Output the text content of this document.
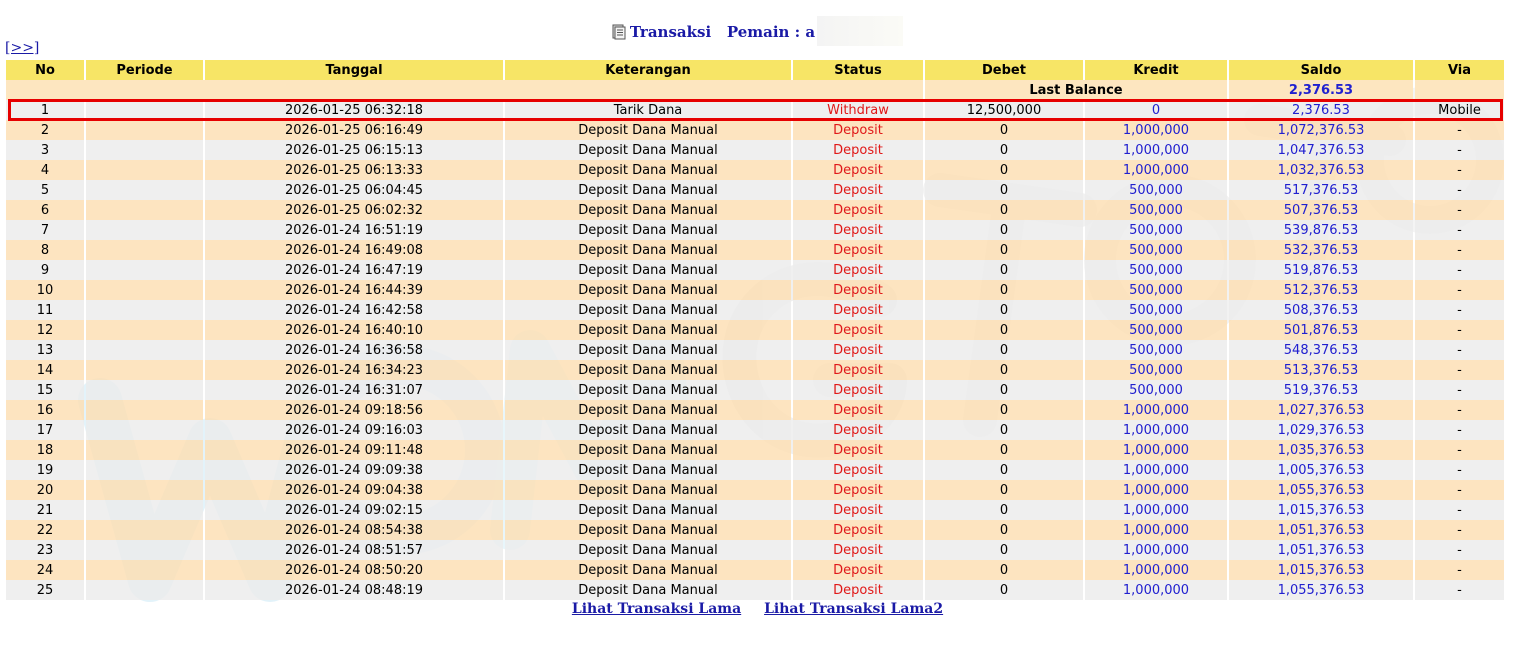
Transaksi Pemain : a
[>>]
No	Periode	Tanggal	Keterangan	Status	Debet	Kredit	Saldo	Via
					Last Balance		2,376.53	
1		2026-01-25 06:32:18	Tarik Dana	Withdraw	12,500,000	0	2,376.53	Mobile
2		2026-01-25 06:16:49	Deposit Dana Manual	Deposit	0	1,000,000	1,072,376.53	-
3		2026-01-25 06:15:13	Deposit Dana Manual	Deposit	0	1,000,000	1,047,376.53	-
4		2026-01-25 06:13:33	Deposit Dana Manual	Deposit	0	1,000,000	1,032,376.53	-
5		2026-01-25 06:04:45	Deposit Dana Manual	Deposit	0	500,000	517,376.53	-
6		2026-01-25 06:02:32	Deposit Dana Manual	Deposit	0	500,000	507,376.53	-
7		2026-01-24 16:51:19	Deposit Dana Manual	Deposit	0	500,000	539,876.53	-
8		2026-01-24 16:49:08	Deposit Dana Manual	Deposit	0	500,000	532,376.53	-
9		2026-01-24 16:47:19	Deposit Dana Manual	Deposit	0	500,000	519,876.53	-
10		2026-01-24 16:44:39	Deposit Dana Manual	Deposit	0	500,000	512,376.53	-
11		2026-01-24 16:42:58	Deposit Dana Manual	Deposit	0	500,000	508,376.53	-
12		2026-01-24 16:40:10	Deposit Dana Manual	Deposit	0	500,000	501,876.53	-
13		2026-01-24 16:36:58	Deposit Dana Manual	Deposit	0	500,000	548,376.53	-
14		2026-01-24 16:34:23	Deposit Dana Manual	Deposit	0	500,000	513,376.53	-
15		2026-01-24 16:31:07	Deposit Dana Manual	Deposit	0	500,000	519,376.53	-
16		2026-01-24 09:18:56	Deposit Dana Manual	Deposit	0	1,000,000	1,027,376.53	-
17		2026-01-24 09:16:03	Deposit Dana Manual	Deposit	0	1,000,000	1,029,376.53	-
18		2026-01-24 09:11:48	Deposit Dana Manual	Deposit	0	1,000,000	1,035,376.53	-
19		2026-01-24 09:09:38	Deposit Dana Manual	Deposit	0	1,000,000	1,005,376.53	-
20		2026-01-24 09:04:38	Deposit Dana Manual	Deposit	0	1,000,000	1,055,376.53	-
21		2026-01-24 09:02:15	Deposit Dana Manual	Deposit	0	1,000,000	1,015,376.53	-
22		2026-01-24 08:54:38	Deposit Dana Manual	Deposit	0	1,000,000	1,051,376.53	-
23		2026-01-24 08:51:57	Deposit Dana Manual	Deposit	0	1,000,000	1,051,376.53	-
24		2026-01-24 08:50:20	Deposit Dana Manual	Deposit	0	1,000,000	1,015,376.53	-
25		2026-01-24 08:48:19	Deposit Dana Manual	Deposit	0	1,000,000	1,055,376.53	-
Lihat Transaksi Lama Lihat Transaksi Lama2
